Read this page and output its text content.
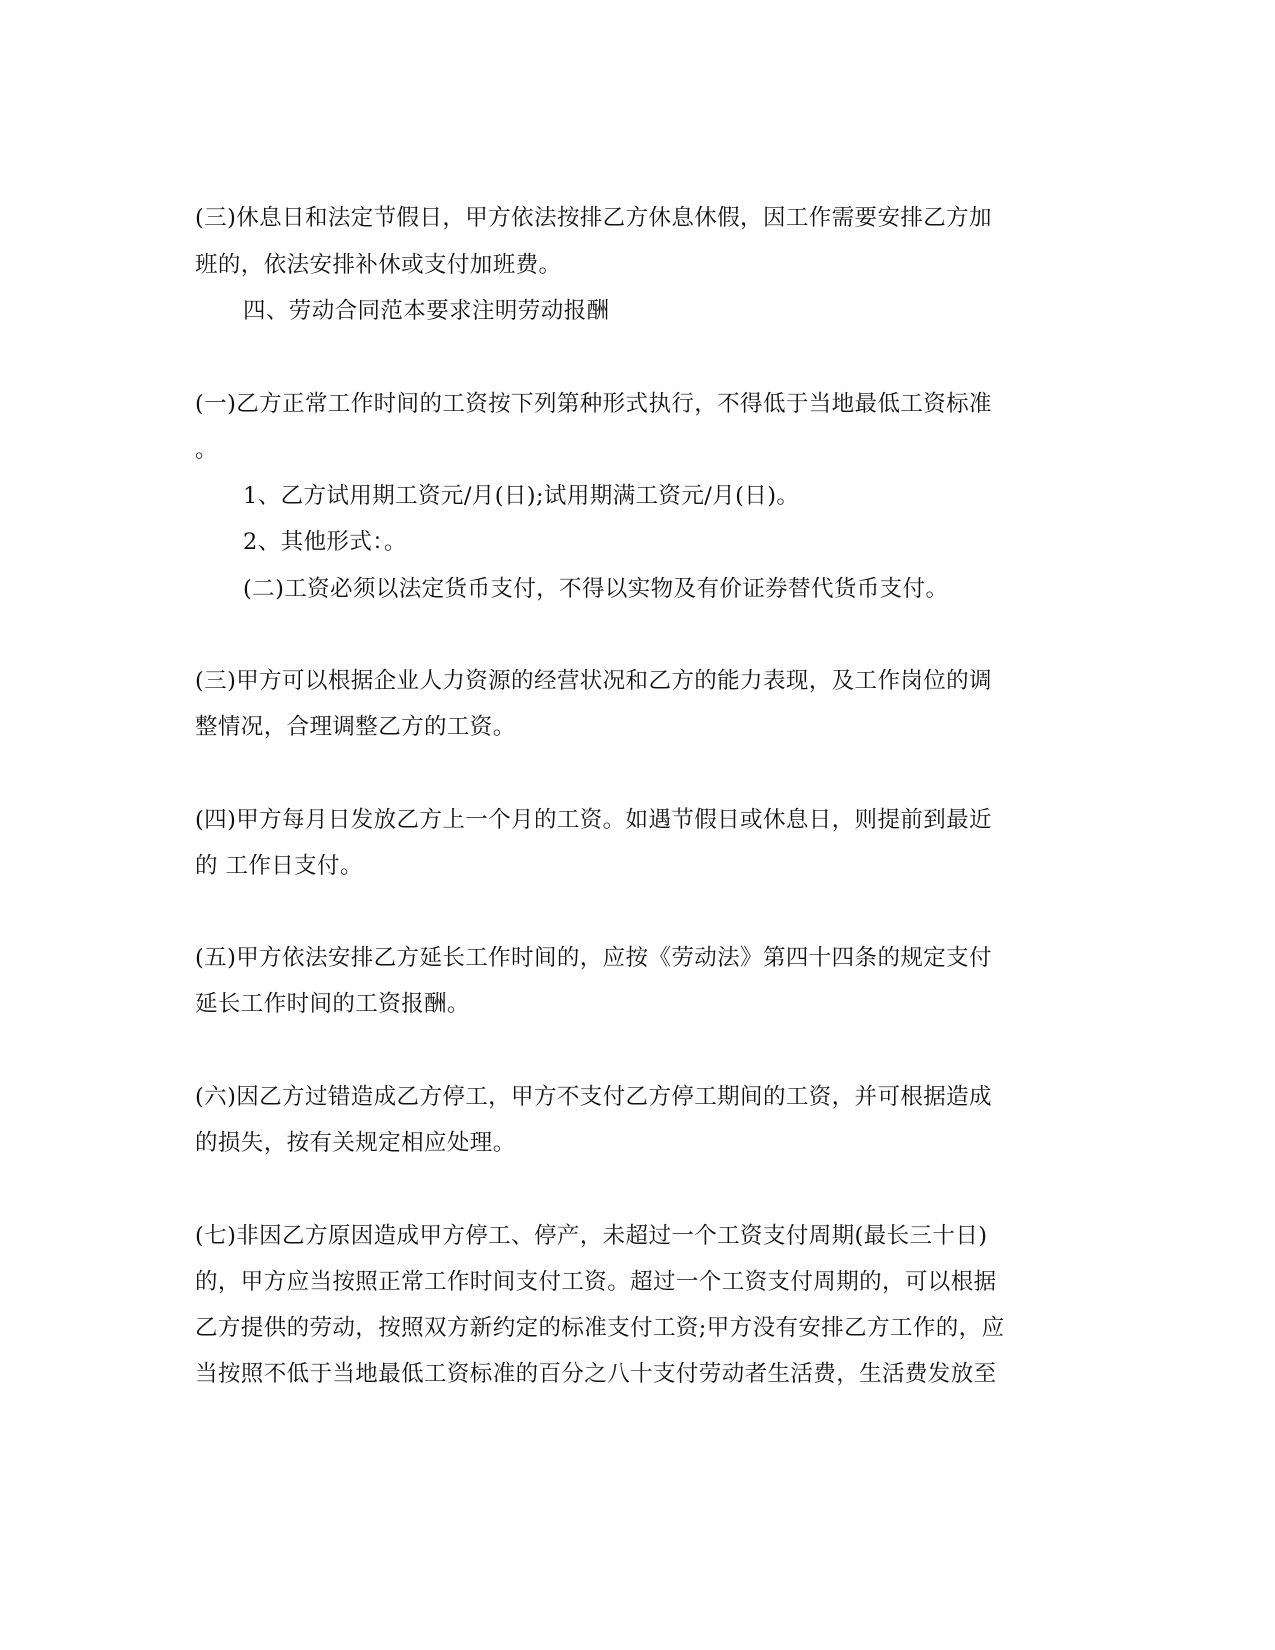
(三)休息日和法定节假日，甲方依法按排乙方休息休假，因工作需要安排乙方加
班的，依法安排补休或支付加班费。
四、劳动合同范本要求注明劳动报酬
(一)乙方正常工作时间的工资按下列第种形式执行，不得低于当地最低工资标准
。
1、乙方试用期工资元/月(日);试用期满工资元/月(日)。
2、其他形式：。
(二)工资必须以法定货币支付，不得以实物及有价证券替代货币支付。
(三)甲方可以根据企业人力资源的经营状况和乙方的能力表现，及工作岗位的调
整情况，合理调整乙方的工资。
(四)甲方每月日发放乙方上一个月的工资。如遇节假日或休息日，则提前到最近
的 工作日支付。
(五)甲方依法安排乙方延长工作时间的，应按《劳动法》第四十四条的规定支付
延长工作时间的工资报酬。
(六)因乙方过错造成乙方停工，甲方不支付乙方停工期间的工资，并可根据造成
的损失，按有关规定相应处理。
(七)非因乙方原因造成甲方停工、停产，未超过一个工资支付周期(最长三十日)
的，甲方应当按照正常工作时间支付工资。超过一个工资支付周期的，可以根据
乙方提供的劳动，按照双方新约定的标准支付工资;甲方没有安排乙方工作的，应
当按照不低于当地最低工资标准的百分之八十支付劳动者生活费，生活费发放至
